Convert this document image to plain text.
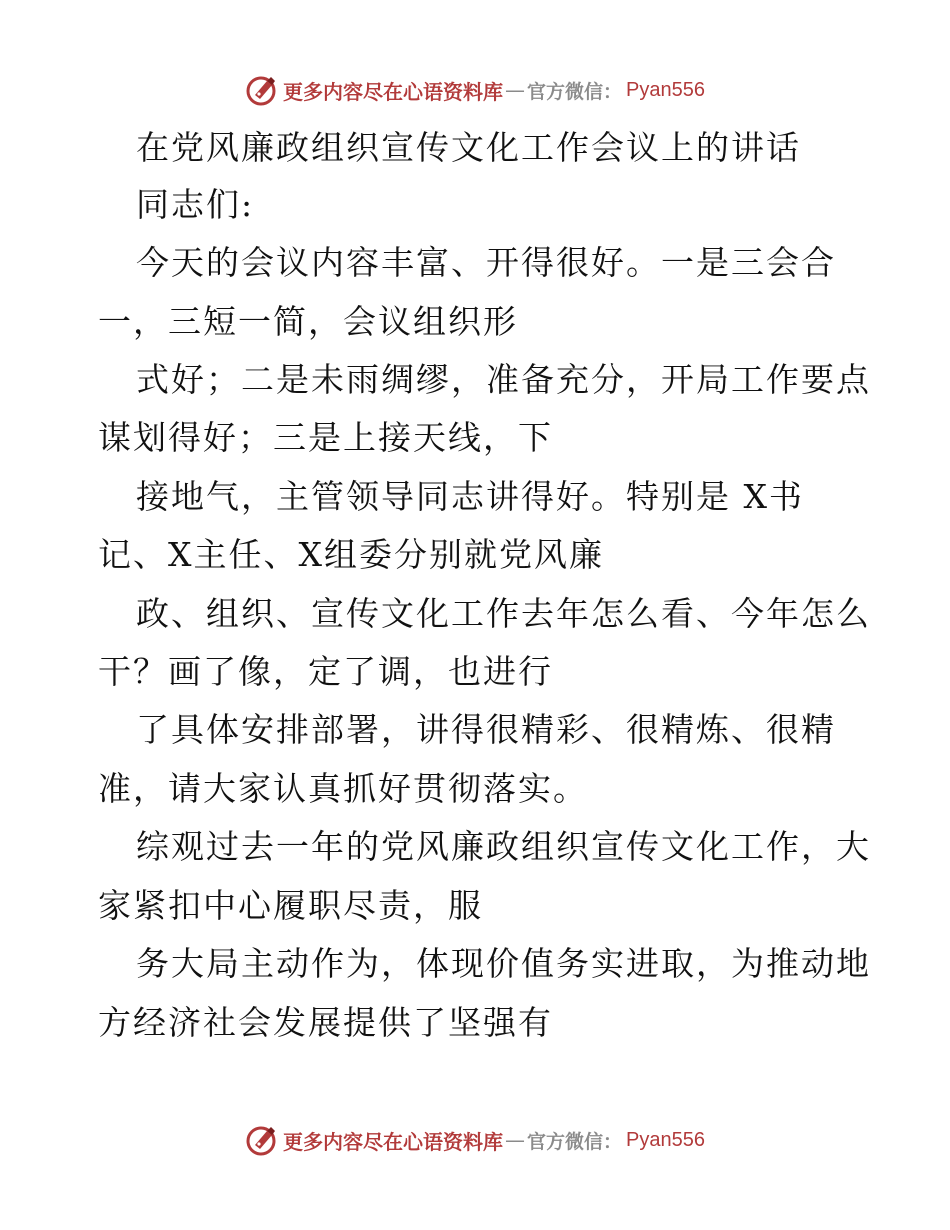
更多内容尽在心语资料库 — 官方微信： Pyan556
在党风廉政组织宣传文化工作会议上的讲话
同志们:
今天的会议内容丰富、开得很好。一是三会合
一，三短一简，会议组织形
式好；二是未雨绸缪，准备充分，开局工作要点
谋划得好；三是上接天线，下
接地气，主管领导同志讲得好。特别是 X书
记、X主任、X组委分别就党风廉
政、组织、宣传文化工作去年怎么看、今年怎么
干？画了像，定了调，也进行
了具体安排部署，讲得很精彩、很精炼、很精
准，请大家认真抓好贯彻落实。
综观过去一年的党风廉政组织宣传文化工作，大
家紧扣中心履职尽责，服
务大局主动作为，体现价值务实进取，为推动地
方经济社会发展提供了坚强有
更多内容尽在心语资料库 — 官方微信： Pyan556
